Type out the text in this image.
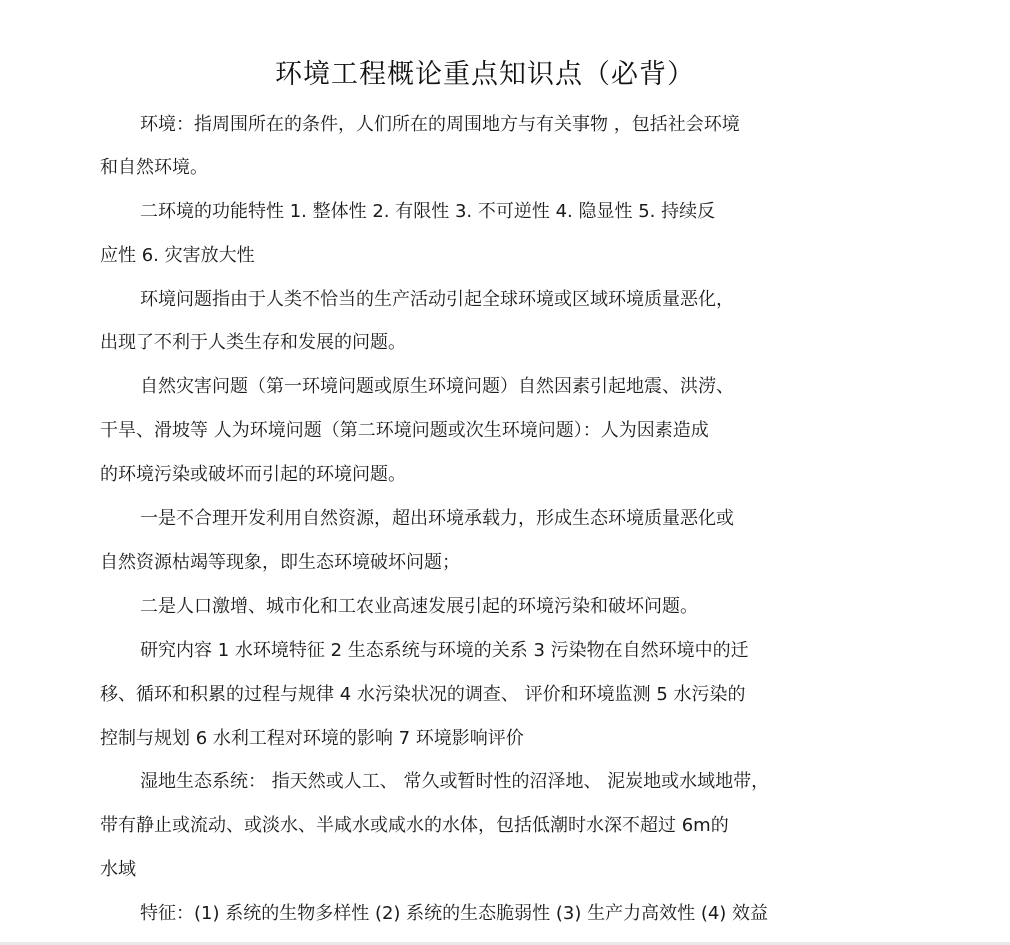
环境工程概论重点知识点（必背）
环境：指周围所在的条件，人们所在的周围地方与有关事物 ，包括社会环境
和自然环境。
二环境的功能特性 1. 整体性 2. 有限性 3. 不可逆性 4. 隐显性 5. 持续反
应性 6. 灾害放大性
环境问题指由于人类不恰当的生产活动引起全球环境或区域环境质量恶化，
出现了不利于人类生存和发展的问题。
自然灾害问题（第一环境问题或原生环境问题）自然因素引起地震、洪涝、
干旱、滑坡等 人为环境问题（第二环境问题或次生环境问题）：人为因素造成
的环境污染或破坏而引起的环境问题。
一是不合理开发利用自然资源，超出环境承载力，形成生态环境质量恶化或
自然资源枯竭等现象，即生态环境破坏问题；
二是人口激增、城市化和工农业高速发展引起的环境污染和破坏问题。
研究内容 1 水环境特征 2 生态系统与环境的关系 3 污染物在自然环境中的迁
移、循环和积累的过程与规律 4 水污染状况的调查、 评价和环境监测 5 水污染的
控制与规划 6 水利工程对环境的影响 7 环境影响评价
湿地生态系统： 指天然或人工、 常久或暂时性的沼泽地、 泥炭地或水域地带，
带有静止或流动、或淡水、半咸水或咸水的水体，包括低潮时水深不超过 6m的
水域
特征：(1) 系统的生物多样性 (2) 系统的生态脆弱性 (3) 生产力高效性 (4) 效益
